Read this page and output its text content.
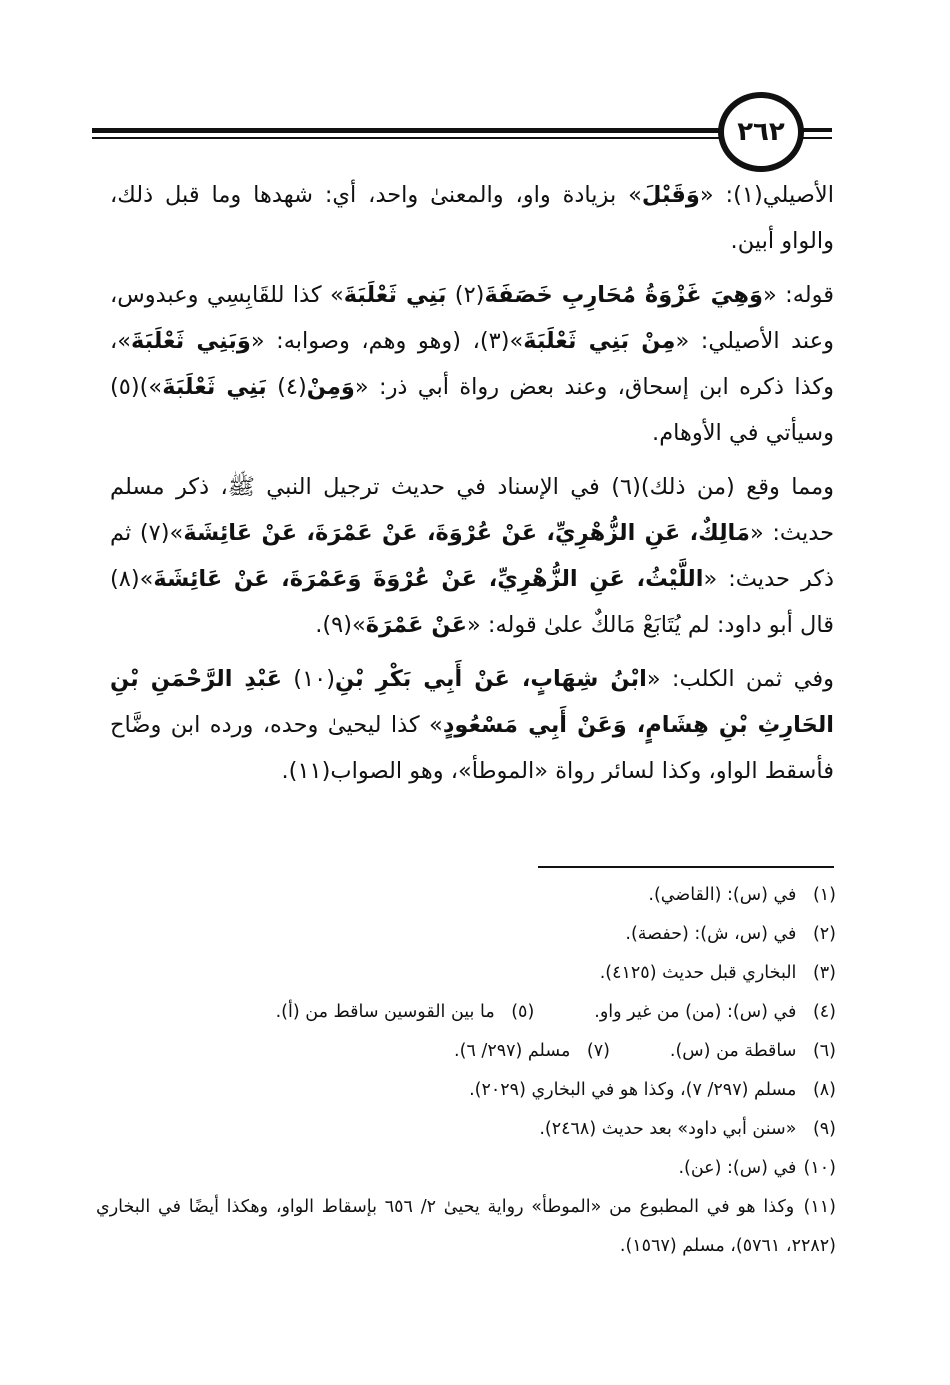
٢٦٢

الأصيلي(١): «وَقَبْلَ» بزيادة واو، والمعنىٰ واحد، أي: شهدها وما قبل ذلك، والواو أبين.

قوله: «وَهِيَ غَزْوَةُ مُحَارِبِ خَصَفَةَ(٢) بَنِي ثَعْلَبَةَ» كذا للقَابِسِي وعبدوس، وعند الأصيلي: «مِنْ بَنِي ثَعْلَبَةَ»(٣)، (وهو وهم، وصوابه: «وَبَنِي ثَعْلَبَةَ»، وكذا ذكره ابن إسحاق، وعند بعض رواة أبي ذر: «وَمِنْ(٤) بَنِي ثَعْلَبَةَ»)(٥) وسيأتي في الأوهام.

ومما وقع (من ذلك)(٦) في الإسناد في حديث ترجيل النبي ﷺ، ذكر مسلم حديث: «مَالِكٌ، عَنِ الزُّهْرِيِّ، عَنْ عُرْوَةَ، عَنْ عَمْرَةَ، عَنْ عَائِشَةَ»(٧) ثم ذكر حديث: «اللَّيْثُ، عَنِ الزُّهْرِيِّ، عَنْ عُرْوَةَ وَعَمْرَةَ، عَنْ عَائِشَةَ»(٨) قال أبو داود: لم يُتَابَعْ مَالكٌ علىٰ قوله: «عَنْ عَمْرَةَ»(٩).

وفي ثمن الكلب: «ابْنُ شِهَابٍ، عَنْ أَبِي بَكْرِ بْنِ(١٠) عَبْدِ الرَّحْمَنِ بْنِ الحَارِثِ بْنِ هِشَامٍ، وَعَنْ أَبِي مَسْعُودٍ» كذا ليحيىٰ وحده، ورده ابن وضَّاح فأسقط الواو، وكذا لسائر رواة «الموطأ»، وهو الصواب(١١).

(١) في (س): (القاضي).
(٢) في (س، ش): (حفصة).
(٣) البخاري قبل حديث (٤١٢٥).
(٤) في (س): (من) من غير واو.(٥) ما بين القوسين ساقط من (أ).
(٦) ساقطة من (س).(٧) مسلم (٢٩٧/ ٦).
(٨) مسلم (٢٩٧/ ٧)، وكذا هو في البخاري (٢٠٢٩).
(٩) «سنن أبي داود» بعد حديث (٢٤٦٨).
(١٠) في (س): (عن).
(١١) وكذا هو في المطبوع من «الموطأ» رواية يحيىٰ ٢/ ٦٥٦ بإسقاط الواو، وهكذا أيضًا في البخاري (٢٢٨٢، ٥٧٦١)، مسلم (١٥٦٧).
